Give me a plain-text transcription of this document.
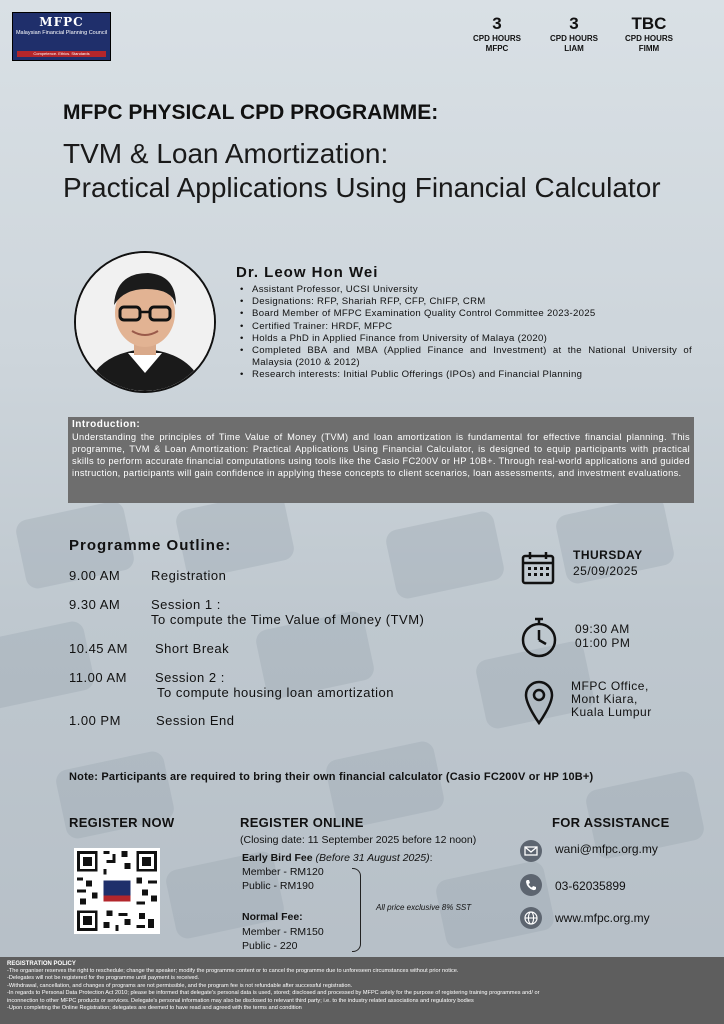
MFPC
Malaysian Financial Planning Council
Competence. Ethics. Standards
3
CPD HOURS
MFPC
3
CPD HOURS
LIAM
TBC
CPD HOURS
FIMM
MFPC PHYSICAL CPD PROGRAMME:
TVM & Loan Amortization:
Practical Applications Using Financial Calculator
Dr. Leow Hon Wei
• Assistant Professor, UCSI University
• Designations: RFP, Shariah RFP, CFP, ChIFP, CRM
• Board Member of MFPC Examination Quality Control Committee 2023-2025
• Certified Trainer: HRDF, MFPC
• Holds a PhD in Applied Finance from University of Malaya (2020)
• Completed BBA and MBA (Applied Finance and Investment) at the National University of Malaysia (2010 & 2012)
• Research interests: Initial Public Offerings (IPOs) and Financial Planning
Introduction:
Understanding the principles of Time Value of Money (TVM) and loan amortization is fundamental for effective financial planning. This programme, TVM & Loan Amortization: Practical Applications Using Financial Calculator, is designed to equip participants with practical skills to perform accurate financial computations using tools like the Casio FC200V or HP 10B+. Through real-world applications and guided instruction, participants will gain confidence in applying these concepts to client scenarios, loan assessments, and investment evaluations.
Programme Outline:
9.00 AM	Registration
9.30 AM	Session 1 :
To compute the Time Value of Money (TVM)
10.45 AM	Short Break
11.00 AM	Session 2 :
To compute housing loan amortization
1.00 PM	Session End
THURSDAY
25/09/2025
09:30 AM
01:00 PM
MFPC Office,
Mont Kiara,
Kuala Lumpur
Note: Participants are required to bring their own financial calculator (Casio FC200V or HP 10B+)
REGISTER NOW	REGISTER ONLINE
(Closing date: 11 September 2025 before 12 noon)
Early Bird Fee (Before 31 August 2025):
Member - RM120
Public - RM190
Normal Fee:
Member - RM150
Public - 220
All price exclusive 8% SST
FOR ASSISTANCE
wani@mfpc.org.my
03-62035899
www.mfpc.org.my
REGISTRATION POLICY
-The organiser reserves the right to reschedule; change the speaker; modify the programme content or to cancel the programme due to unforeseen circumstances without prior notice.
-Delegates will not be registered for the programme until payment is received.
-Withdrawal, cancellation, and changes of programs are not permissible, and the program fee is not refundable after successful registration.
-In regards to Personal Data Protection Act 2010; please be informed that delegate's personal data is used, stored; disclosed and processed by MFPC solely for the purpose of registering training programmes and/ or
inconnection to other MFPC products or services. Delegate's personal information may also be disclosed to relevant third party; i.e. to the industry related associations and regulatory bodies
-Upon completing the Online Registration; delegates are deemed to have read and agreed with the terms and condition
